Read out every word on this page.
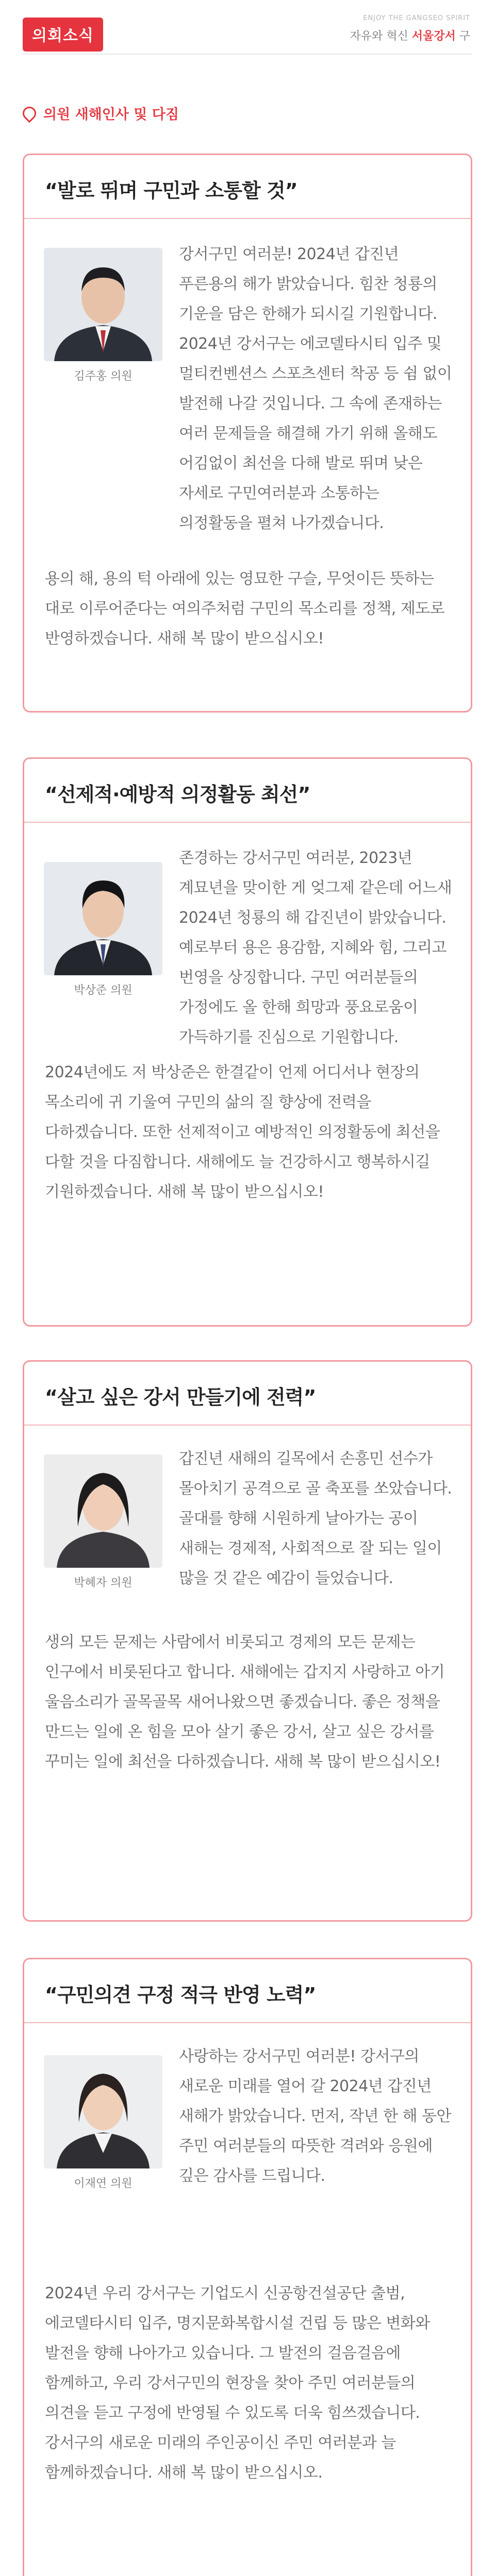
의회소식
ENJOY THE GANGSEO SPIRIT
자유와 혁신 서울강서 구
의원 새해인사 및 다짐
“발로 뛰며 구민과 소통할 것”
김주홍 의원
강서구민 여러분! 2024년 갑진년 푸른용의 해가 밝았습니다. 힘찬 청룡의 기운을 담은 한해가 되시길 기원합니다. 2024년 강서구는 에코델타시티 입주 및 멀티컨벤션스 스포츠센터 착공 등 쉼 없이 발전해 나갈 것입니다. 그 속에 존재하는 여러 문제들을 해결해 가기 위해 올해도 어김없이 최선을 다해 발로 뛰며 낮은 자세로 구민여러분과 소통하는 의정활동을 펼쳐 나가겠습니다.
용의 해, 용의 턱 아래에 있는 영묘한 구슬, 무엇이든 뜻하는 대로 이루어준다는 여의주처럼 구민의 목소리를 정책, 제도로 반영하겠습니다. 새해 복 많이 받으십시오!
“선제적·예방적 의정활동 최선”
박상준 의원
존경하는 강서구민 여러분, 2023년 계묘년을 맞이한 게 엊그제 같은데 어느새 2024년 청룡의 해 갑진년이 밝았습니다. 예로부터 용은 용감함, 지혜와 힘, 그리고 번영을 상징합니다. 구민 여러분들의 가정에도 올 한해 희망과 풍요로움이 가득하기를 진심으로 기원합니다.
2024년에도 저 박상준은 한결같이 언제 어디서나 현장의 목소리에 귀 기울여 구민의 삶의 질 향상에 전력을 다하겠습니다. 또한 선제적이고 예방적인 의정활동에 최선을 다할 것을 다짐합니다. 새해에도 늘 건강하시고 행복하시길 기원하겠습니다. 새해 복 많이 받으십시오!
“살고 싶은 강서 만들기에 전력”
박혜자 의원
갑진년 새해의 길목에서 손흥민 선수가 몰아치기 공격으로 골 축포를 쏘았습니다. 골대를 향해 시원하게 날아가는 공이 새해는 경제적, 사회적으로 잘 되는 일이 많을 것 같은 예감이 들었습니다.
생의 모든 문제는 사람에서 비롯되고 경제의 모든 문제는 인구에서 비롯된다고 합니다. 새해에는 갑지지 사랑하고 아기 울음소리가 골목골목 새어나왔으면 좋겠습니다. 좋은 정책을 만드는 일에 온 힘을 모아 살기 좋은 강서, 살고 싶은 강서를 꾸미는 일에 최선을 다하겠습니다. 새해 복 많이 받으십시오!
“구민의견 구정 적극 반영 노력”
이재연 의원
사랑하는 강서구민 여러분! 강서구의 새로운 미래를 열어 갈 2024년 갑진년 새해가 밝았습니다. 먼저, 작년 한 해 동안 주민 여러분들의 따뜻한 격려와 응원에 깊은 감사를 드립니다.
2024년 우리 강서구는 기업도시 신공항건설공단 출범, 에코델타시티 입주, 명지문화복합시설 건립 등 많은 변화와 발전을 향해 나아가고 있습니다. 그 발전의 걸음걸음에 함께하고, 우리 강서구민의 현장을 찾아 주민 여러분들의 의견을 듣고 구정에 반영될 수 있도록 더욱 힘쓰겠습니다. 강서구의 새로운 미래의 주인공이신 주민 여러분과 늘 함께하겠습니다. 새해 복 많이 받으십시오.
